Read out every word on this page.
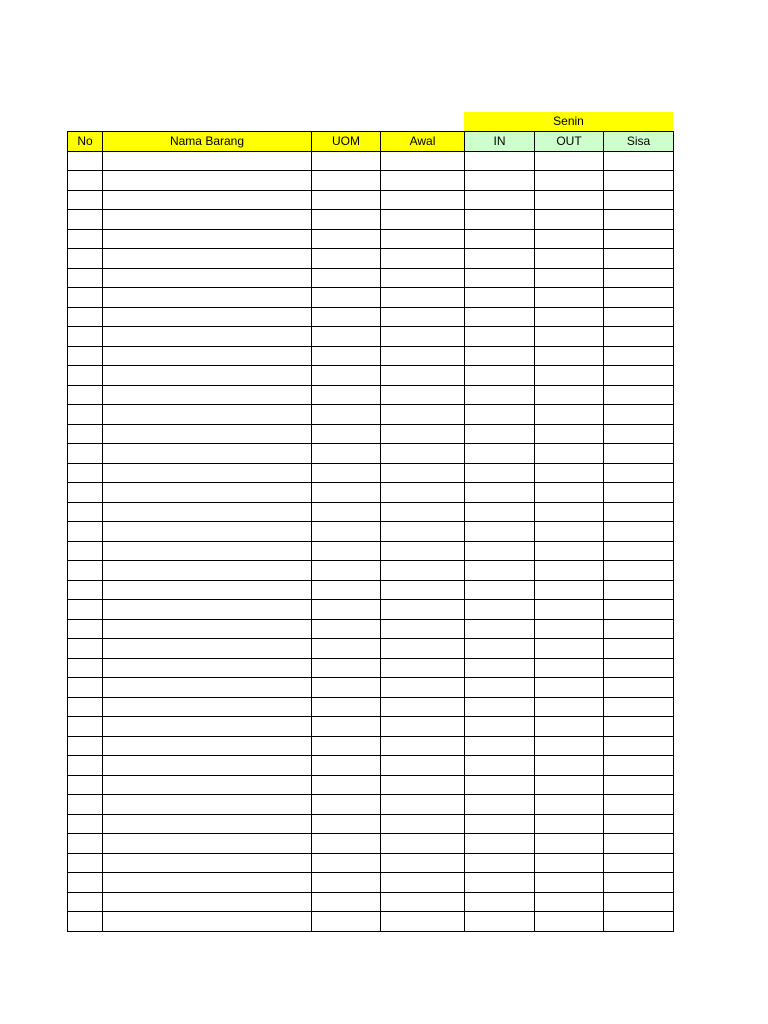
Senin
No	Nama Barang	UOM	Awal	IN	OUT	Sisa
